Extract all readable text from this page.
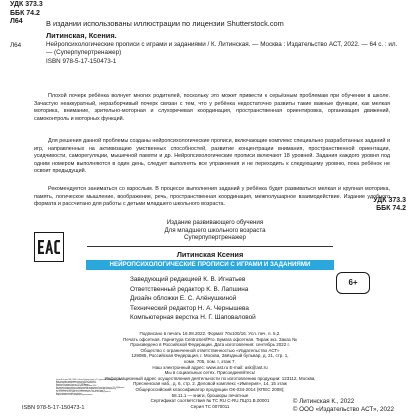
УДК 373.3
ББК 74.2
Л64	В издании использованы иллюстрации по лицензии Shutterstock.com
Литинская, Ксения.
Л64	Нейропсихологические прописи с играми и заданиями / К. Литинская. — Москва : Издательство АСТ, 2022. — 64 с. : ил. — (Суперпупертренажер)
ISBN 978-5-17-150473-1
Плохой почерк ребёнка волнует многих родителей, поскольку это может привести к серьёзным проблемам при обучении в школе. Зачастую неаккуратный, неразборчивый почерк связан с тем, что у ребёнка недостаточно развиты такие важные функции, как мелкая моторика, внимание, зрительно-моторная и слухоречевая координация, пространственная ориентировка, организация движений, самоконтроль и моторных функций.
Для решения данной проблемы созданы нейропсихологические прописи, включающие комплекс специально разработанных заданий и игр, направленных на активизацию умственных способностей, развитие концентрации внимания, пространственной ориентации, усидчивости, саморегуляции, мышечной памяти и др. Нейропсихологические прописи включают 18 уровней. Задания каждого уровня под одним номером выполняются в один день, следует выполнять все упражнения и не переходить к следующему уровню, пока ребёнок не освоит предыдущий.
Рекомендуется заниматься со взрослым. В процессе выполнения заданий у ребёнка будет развиваться мелкая и крупная моторика, память, логическое мышление, воображение, речь, пространственная координация, межполушарное взаимодействие. Издание удобного формата и рассчитано для работы с детьми младшего школьного возраста.
УДК 373.3
ББК 74.2
Издание развивающего обучения
Для младшего школьного возраста
Суперпупертренажер
Литинская Ксения
НЕЙРОПСИХОЛОГИЧЕСКИЕ ПРОПИСИ С ИГРАМИ И ЗАДАНИЯМИ
6+
Заведующий редакцией К. В. Игнатьев
Ответственный редактор К. В. Лапшина
Дизайн обложки Е. С. Алёнушкиной
Технический редактор Н. А. Чернышева
Компьютерная верстка Н. Г. Шаповаловой
Подписано в печать 16.08.2022. Формат 70x100/16. Усл. печ. л. 5,2.
Печать офсетная. Гарнитура CentroSerifPro. Бумага офсетная. Тираж экз. Заказ №
Произведено в Российской Федерации. Дата изготовления: сентябрь 2022 г.
Общество с ограниченной ответственностью «Издательство АСТ»
129085, Российская Федерация, г. Москва, Звёздный бульвар, д. 21, стр. 1,
комн. 705, пом. I, этаж 7.
Наш электронный адрес: www.ast.ru E-mail: ask@ast.ru
Мы в социальных сетях. Присоединяйтесь!
Информационный адрес осуществления деятельности по изготовлению продукции: 123112, Москва,
Пресненская наб., д. 6, стр. 2. Деловой комплекс «Империя», 14, 15 этаж
Общероссийский классификатор продукции ОК-034-2014 (КПЕС 2008);
58.11.1 — книги, брошюры печатные
Сертификат соответствия № ТС RU C-RU.ПЦ01.В.00001
Серия ТС 0070011
«Баспа Аста» деген ЖШҚ, 129085, г. Мәскеу, Жұлдызды гүлзар, д.21, 1 құрылым, 705 бөлме, пом.1, 7-қабат
Біздің электрондық мекенжайымыз: www.ast.ru E-mail: ask@ast.ru
Интернет-магазин: www.book24.kz Интернет-дүкен: www.book24.kz
Импортёр в Республику Казахстан ТОО «РДЦ-Алматы».
Қазақстан Республикасындағы импорттаушы «РДЦ-Алматы» ЖШС.
Дистрибьютор и представитель по приему претензий на продукцию в Республике Казахстан: ТОО «РДЦ-Алматы»
Қазақстан Республикасында дистрибьютор және өнім бойынша арыз-талаптарды қабылдаушының
өкілі «РДЦ-Алматы» ЖШС, Алматы қ., Домбровский көш., 3«а», литер Б, офис 1.
Тел.: 8 (727) 2 51 59 90,91, факс: 8 (727) 251 59 92 ішкі 107; E-mail: RDC-Almaty@eksmo.kz
Өнімнің жарамдылық мерзімі шектелмеген.
Өндірген мемлекет: Ресей Сертификация қарастырылмаған
ISBN 978-5-17-150473-1
© Литинская К., 2022
© ООО «Издательство АСТ», 2022
